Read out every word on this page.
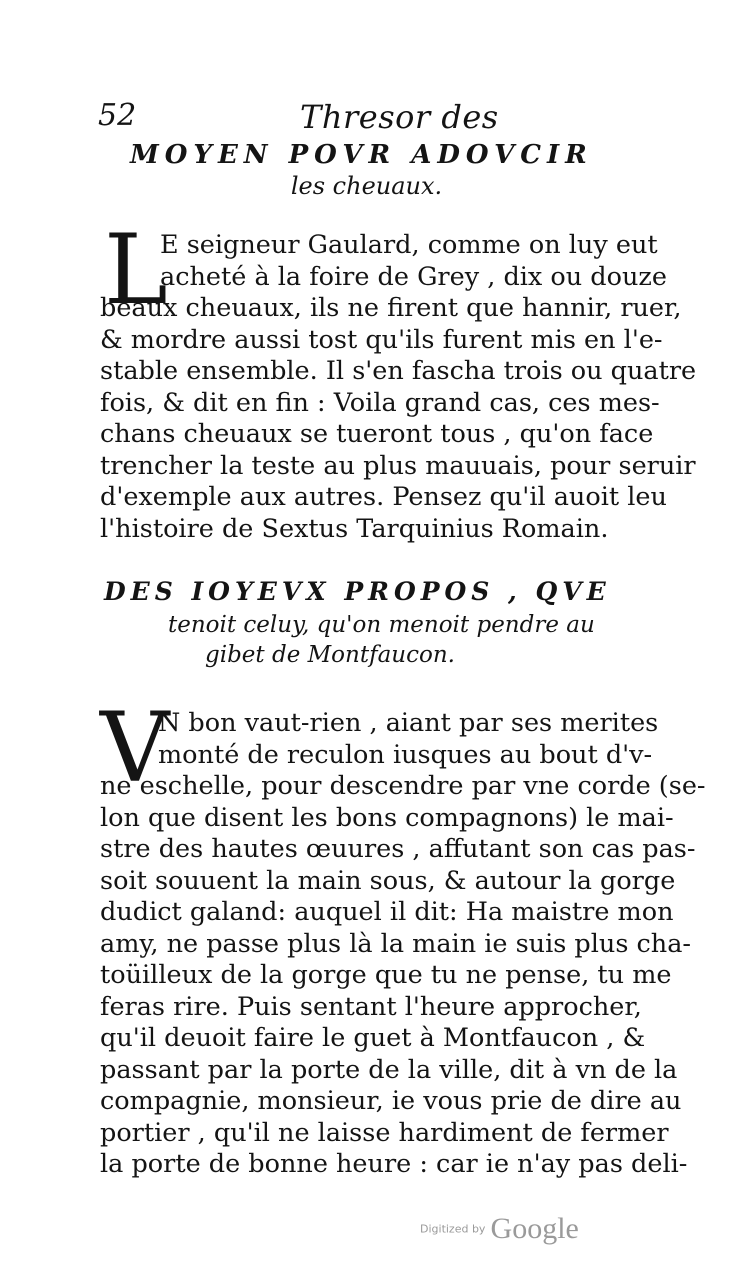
52	Thresor des
MOYEN POVR ADOVCIR
les cheuaux.
L
E seigneur Gaulard, comme on luy eut
acheté à la foire de Grey , dix ou douze
beaux cheuaux, ils ne firent que hannir, ruer,
& mordre aussi tost qu'ils furent mis en l'e-
stable ensemble. Il s'en fascha trois ou quatre
fois, & dit en fin : Voila grand cas, ces mes-
chans cheuaux se tueront tous , qu'on face
trencher la teste au plus mauuais, pour seruir
d'exemple aux autres. Pensez qu'il auoit leu
l'histoire de Sextus Tarquinius Romain.
DES IOYEVX PROPOS , QVE
tenoit celuy, qu'on menoit pendre au
gibet de Montfaucon.
V
N bon vaut-rien , aiant par ses merites
monté de reculon iusques au bout d'v-
ne eschelle, pour descendre par vne corde (se-
lon que disent les bons compagnons) le mai-
stre des hautes œuures , affutant son cas pas-
soit souuent la main sous, & autour la gorge
dudict galand: auquel il dit: Ha maistre mon
amy, ne passe plus là la main ie suis plus cha-
toüilleux de la gorge que tu ne pense, tu me
feras rire. Puis sentant l'heure approcher,
qu'il deuoit faire le guet à Montfaucon , &
passant par la porte de la ville, dit à vn de la
compagnie, monsieur, ie vous prie de dire au
portier , qu'il ne laisse hardiment de fermer
la porte de bonne heure : car ie n'ay pas deli-
Digitized by Google
